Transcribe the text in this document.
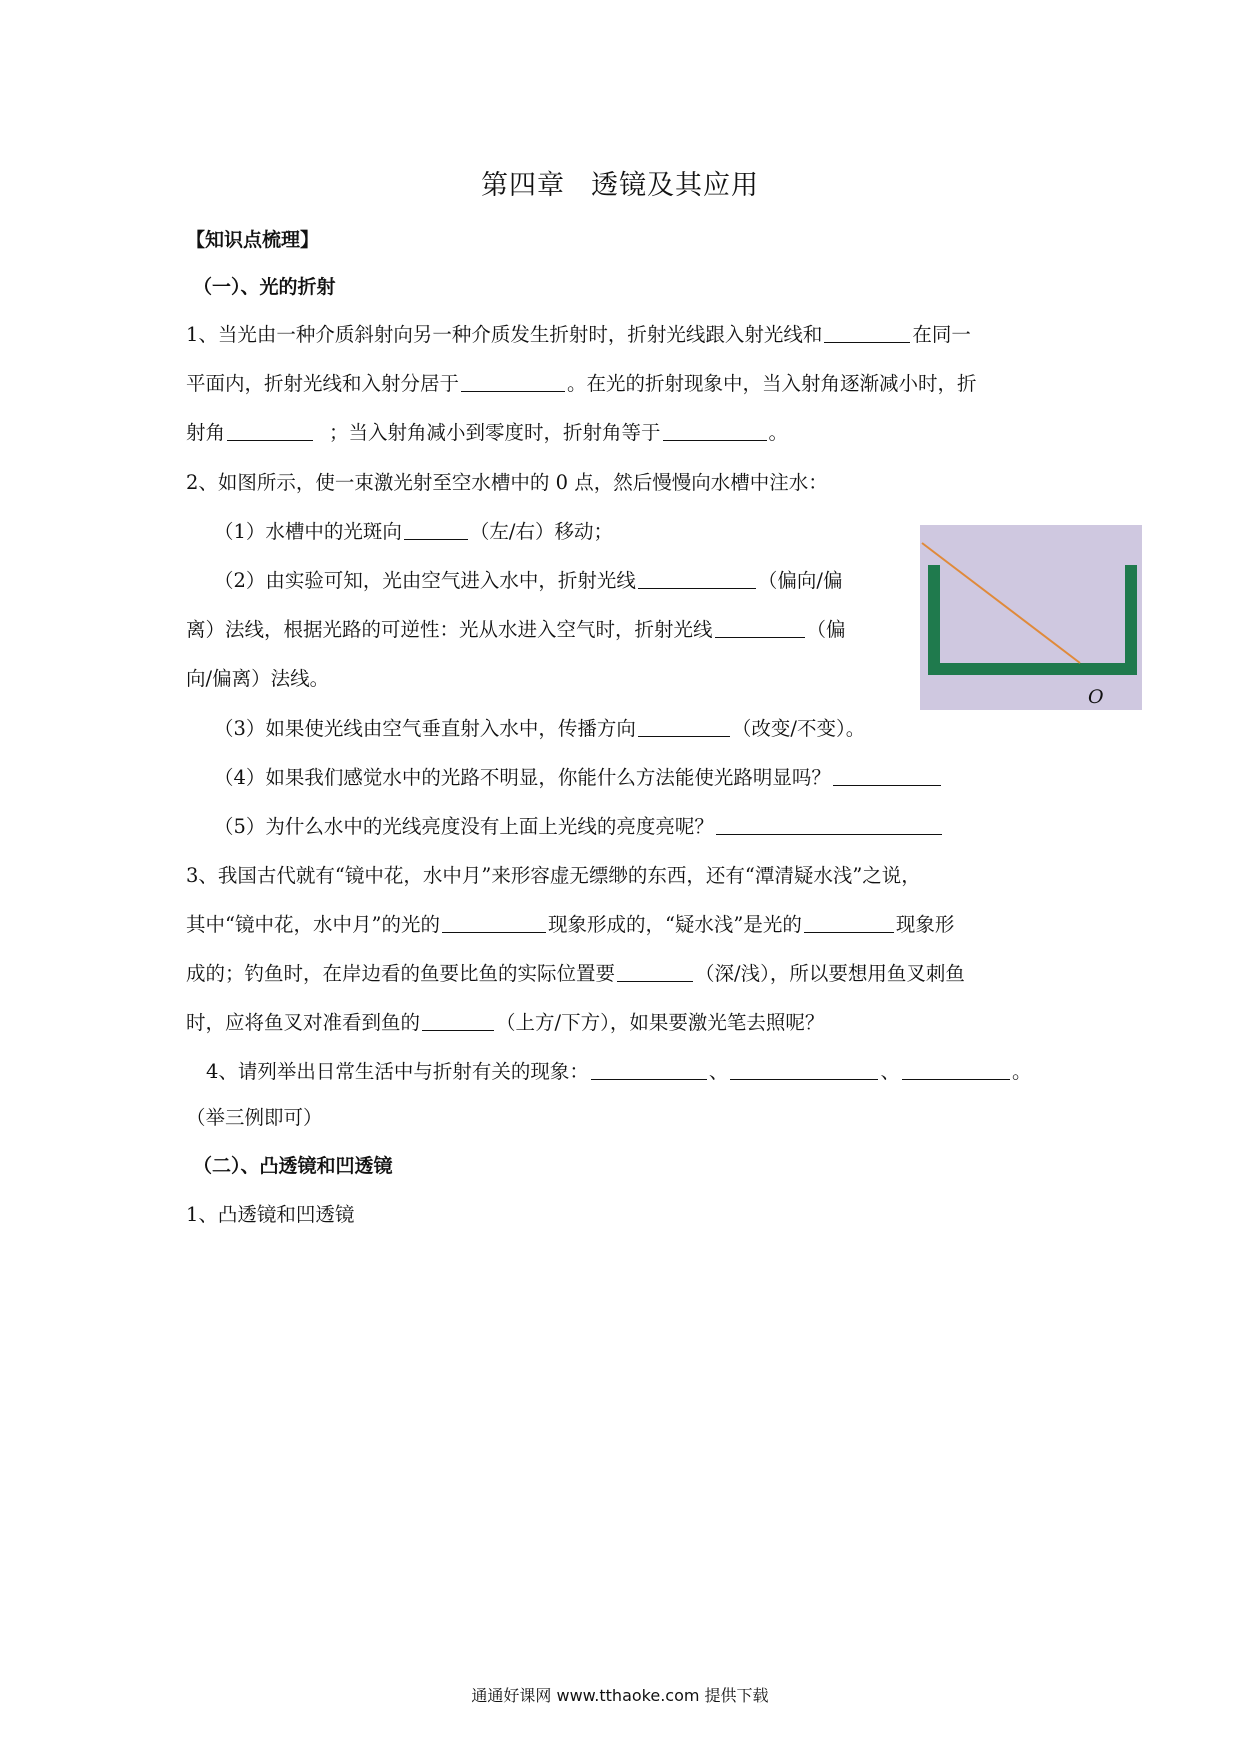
第四章 透镜及其应用
【知识点梳理】
（一）、光的折射
1、当光由一种介质斜射向另一种介质发生折射时，折射光线跟入射光线和	在同一
平面内，折射光线和入射分居于	。在光的折射现象中，当入射角逐渐减小时，折
射角	；当入射角减小到零度时，折射角等于	。
2、如图所示，使一束激光射至空水槽中的 0 点，然后慢慢向水槽中注水：
（1）水槽中的光斑向	（左/右）移动；
（2）由实验可知，光由空气进入水中，折射光线	（偏向/偏
离）法线，根据光路的可逆性：光从水进入空气时，折射光线	（偏
向/偏离）法线。
O
（3）如果使光线由空气垂直射入水中，传播方向	（改变/不变）。
（4）如果我们感觉水中的光路不明显，你能什么方法能使光路明显吗？
（5）为什么水中的光线亮度没有上面上光线的亮度亮呢？
3、我国古代就有“镜中花，水中月”来形容虚无缥缈的东西，还有“潭清疑水浅”之说，
其中“镜中花，水中月”的光的	现象形成的，“疑水浅”是光的	现象形
成的；钓鱼时，在岸边看的鱼要比鱼的实际位置要	（深/浅），所以要想用鱼叉刺鱼
时，应将鱼叉对准看到鱼的	（上方/下方），如果要激光笔去照呢？
4、请列举出日常生活中与折射有关的现象：	、	、	。
（举三例即可）
（二）、凸透镜和凹透镜
1、凸透镜和凹透镜
通通好课网 www.tthaoke.com 提供下载
